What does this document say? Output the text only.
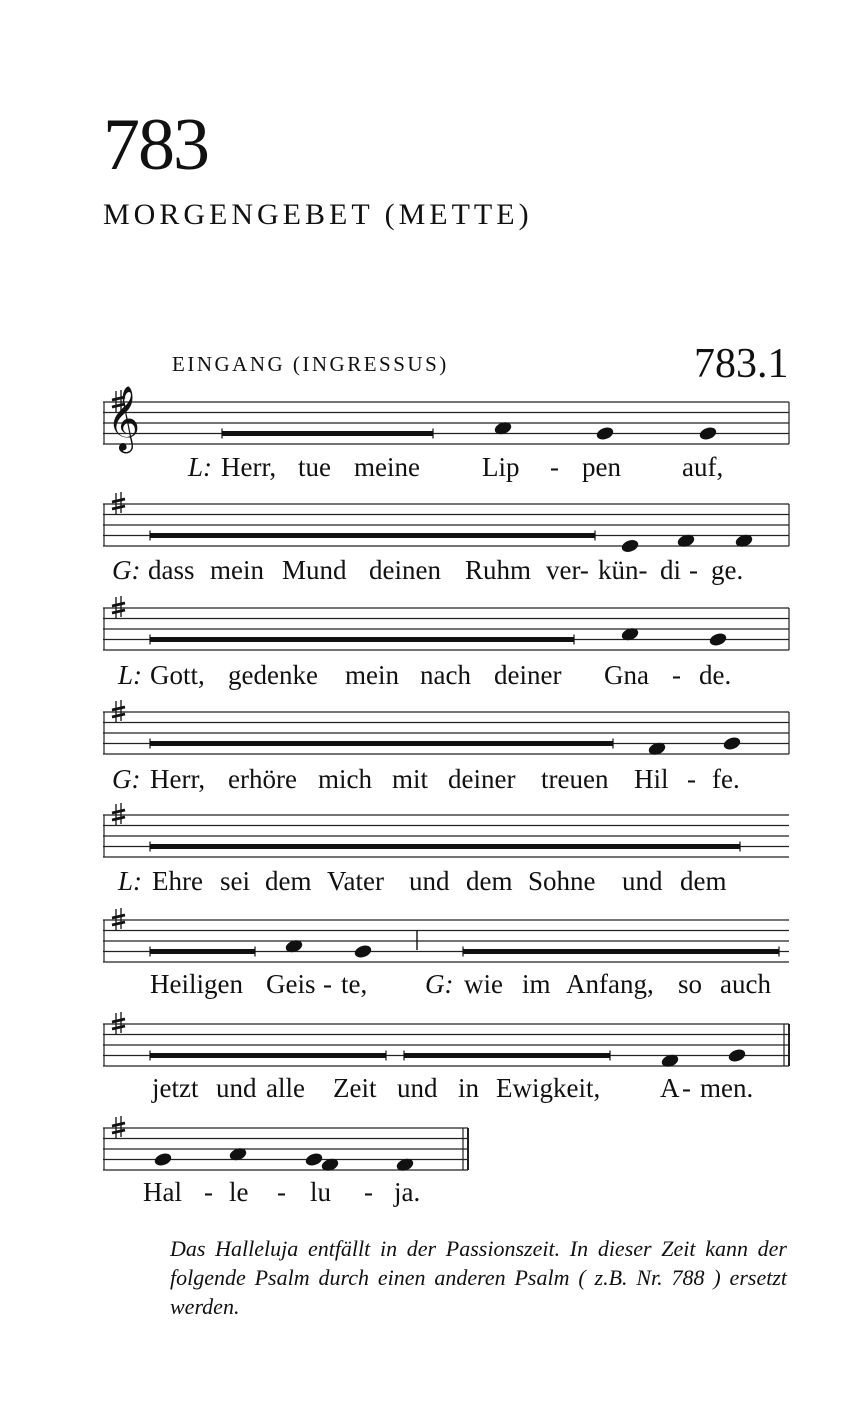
783
MORGENGEBET (METTE)
EINGANG (INGRESSUS)	783.1
𝄞
L: Herr, tue meine Lip - pen auf,
G: dass mein Mund deinen Ruhm ver- kün- di - ge.
L: Gott, gedenke mein nach deiner Gna - de.
G: Herr, erhöre mich mit deiner treuen Hil - fe.
L: Ehre sei dem Vater und dem Sohne und dem
Heiligen Geis - te, G: wie im Anfang, so auch
jetzt und alle Zeit und in Ewigkeit, A - men.
Hal - le - lu - ja.
Das Halleluja entfällt in der Passionszeit. In dieser Zeit kann der folgende Psalm durch einen anderen Psalm ( z.B. Nr. 788 ) ersetzt werden.
